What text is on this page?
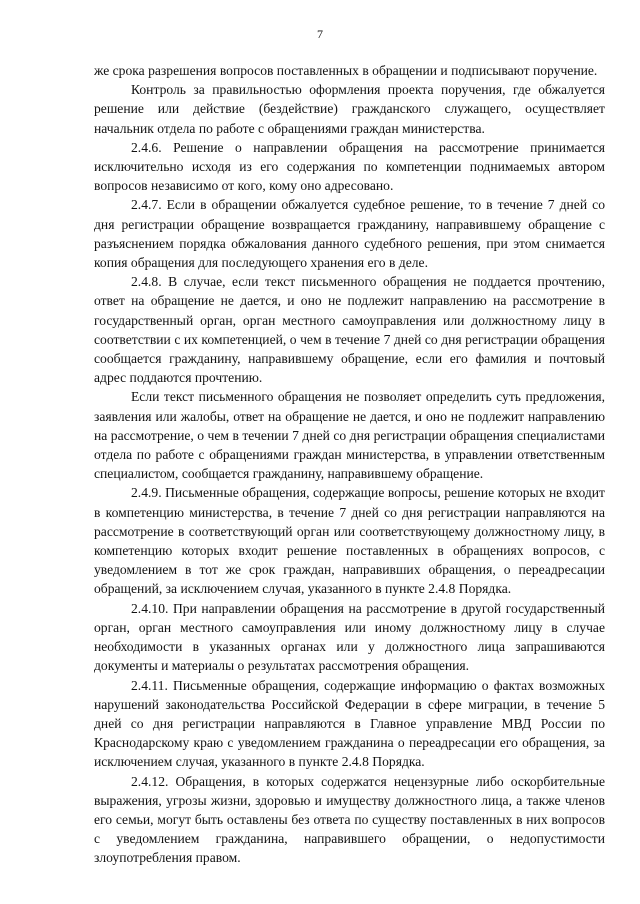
7

же срока разрешения вопросов поставленных в обращении и подписывают поручение.

Контроль за правильностью оформления проекта поручения, где обжалуется решение или действие (бездействие) гражданского служащего, осуществляет начальник отдела по работе с обращениями граждан министерства.

2.4.6. Решение о направлении обращения на рассмотрение принимается исключительно исходя из его содержания по компетенции поднимаемых автором вопросов независимо от кого, кому оно адресовано.

2.4.7. Если в обращении обжалуется судебное решение, то в течение 7 дней со дня регистрации обращение возвращается гражданину, направившему обращение с разъяснением порядка обжалования данного судебного решения, при этом снимается копия обращения для последующего хранения его в деле.

2.4.8. В случае, если текст письменного обращения не поддается прочтению, ответ на обращение не дается, и оно не подлежит направлению на рассмотрение в государственный орган, орган местного самоуправления или должностному лицу в соответствии с их компетенцией, о чем в течение 7 дней со дня регистрации обращения сообщается гражданину, направившему обращение, если его фамилия и почтовый адрес поддаются прочтению.

Если текст письменного обращения не позволяет определить суть предложения, заявления или жалобы, ответ на обращение не дается, и оно не подлежит направлению на рассмотрение, о чем в течении 7 дней со дня регистрации обращения специалистами отдела по работе с обращениями граждан министерства, в управлении ответственным специалистом, сообщается гражданину, направившему обращение.

2.4.9. Письменные обращения, содержащие вопросы, решение которых не входит в компетенцию министерства, в течение 7 дней со дня регистрации направляются на рассмотрение в соответствующий орган или соответствующему должностному лицу, в компетенцию которых входит решение поставленных в обращениях вопросов, с уведомлением в тот же срок граждан, направивших обращения, о переадресации обращений, за исключением случая, указанного в пункте 2.4.8 Порядка.

2.4.10. При направлении обращения на рассмотрение в другой государственный орган, орган местного самоуправления или иному должностному лицу в случае необходимости в указанных органах или у должностного лица запрашиваются документы и материалы о результатах рассмотрения обращения.

2.4.11. Письменные обращения, содержащие информацию о фактах возможных нарушений законодательства Российской Федерации в сфере миграции, в течение 5 дней со дня регистрации направляются в Главное управление МВД России по Краснодарскому краю с уведомлением гражданина о переадресации его обращения, за исключением случая, указанного в пункте 2.4.8 Порядка.

2.4.12. Обращения, в которых содержатся нецензурные либо оскорбительные выражения, угрозы жизни, здоровью и имуществу должностного лица, а также членов его семьи, могут быть оставлены без ответа по существу поставленных в них вопросов с уведомлением гражданина, направившего обращении, о недопустимости злоупотребления правом.
